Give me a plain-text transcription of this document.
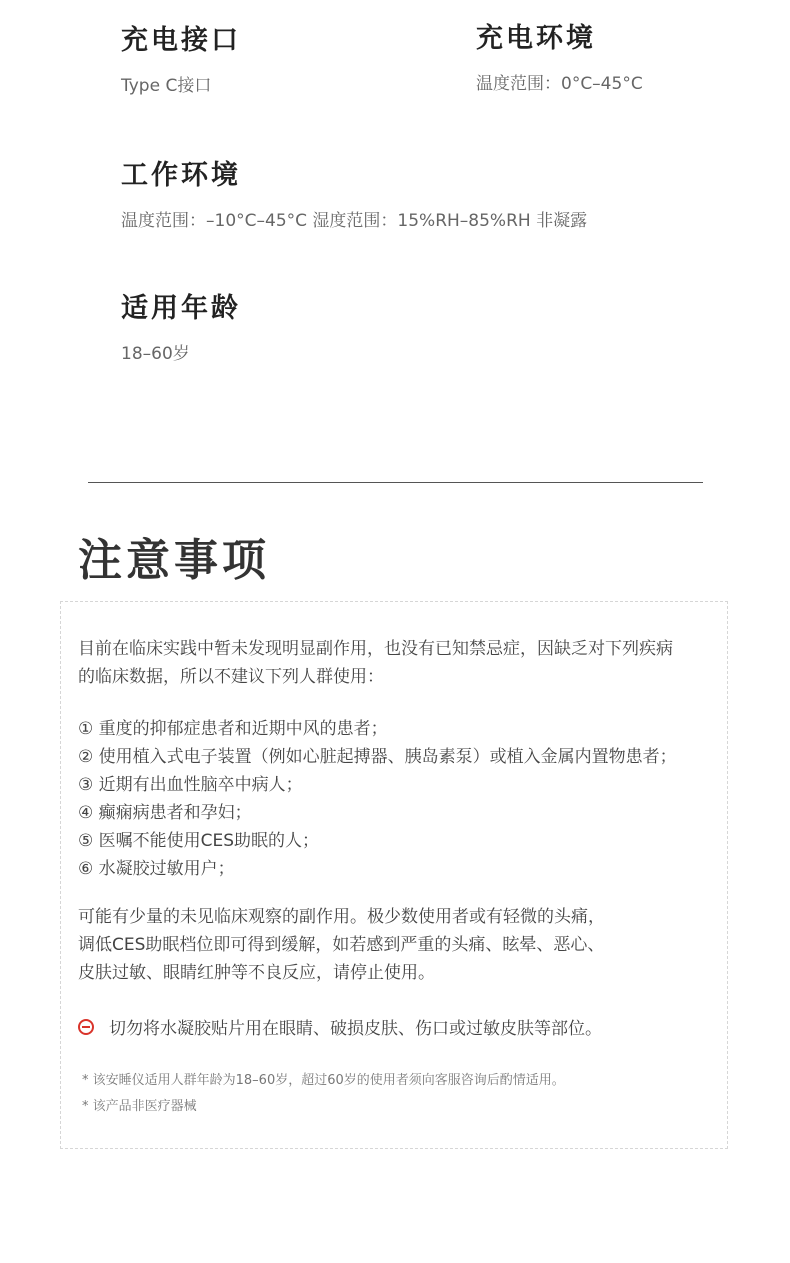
充电接口
Type C接口
充电环境
温度范围：0°C–45°C
工作环境
温度范围：–10°C–45°C 湿度范围：15%RH–85%RH 非凝露
适用年龄
18–60岁
注意事项
目前在临床实践中暂未发现明显副作用，也没有已知禁忌症，因缺乏对下列疾病
的临床数据，所以不建议下列人群使用：
① 重度的抑郁症患者和近期中风的患者；
② 使用植入式电子装置（例如心脏起搏器、胰岛素泵）或植入金属内置物患者；
③ 近期有出血性脑卒中病人；
④ 癫痫病患者和孕妇；
⑤ 医嘱不能使用CES助眠的人；
⑥ 水凝胶过敏用户；
可能有少量的未见临床观察的副作用。极少数使用者或有轻微的头痛，
调低CES助眠档位即可得到缓解，如若感到严重的头痛、眩晕、恶心、
皮肤过敏、眼睛红肿等不良反应，请停止使用。
切勿将水凝胶贴片用在眼睛、破损皮肤、伤口或过敏皮肤等部位。
* 该安睡仪适用人群年龄为18–60岁，超过60岁的使用者须向客服咨询后酌情适用。
* 该产品非医疗器械
